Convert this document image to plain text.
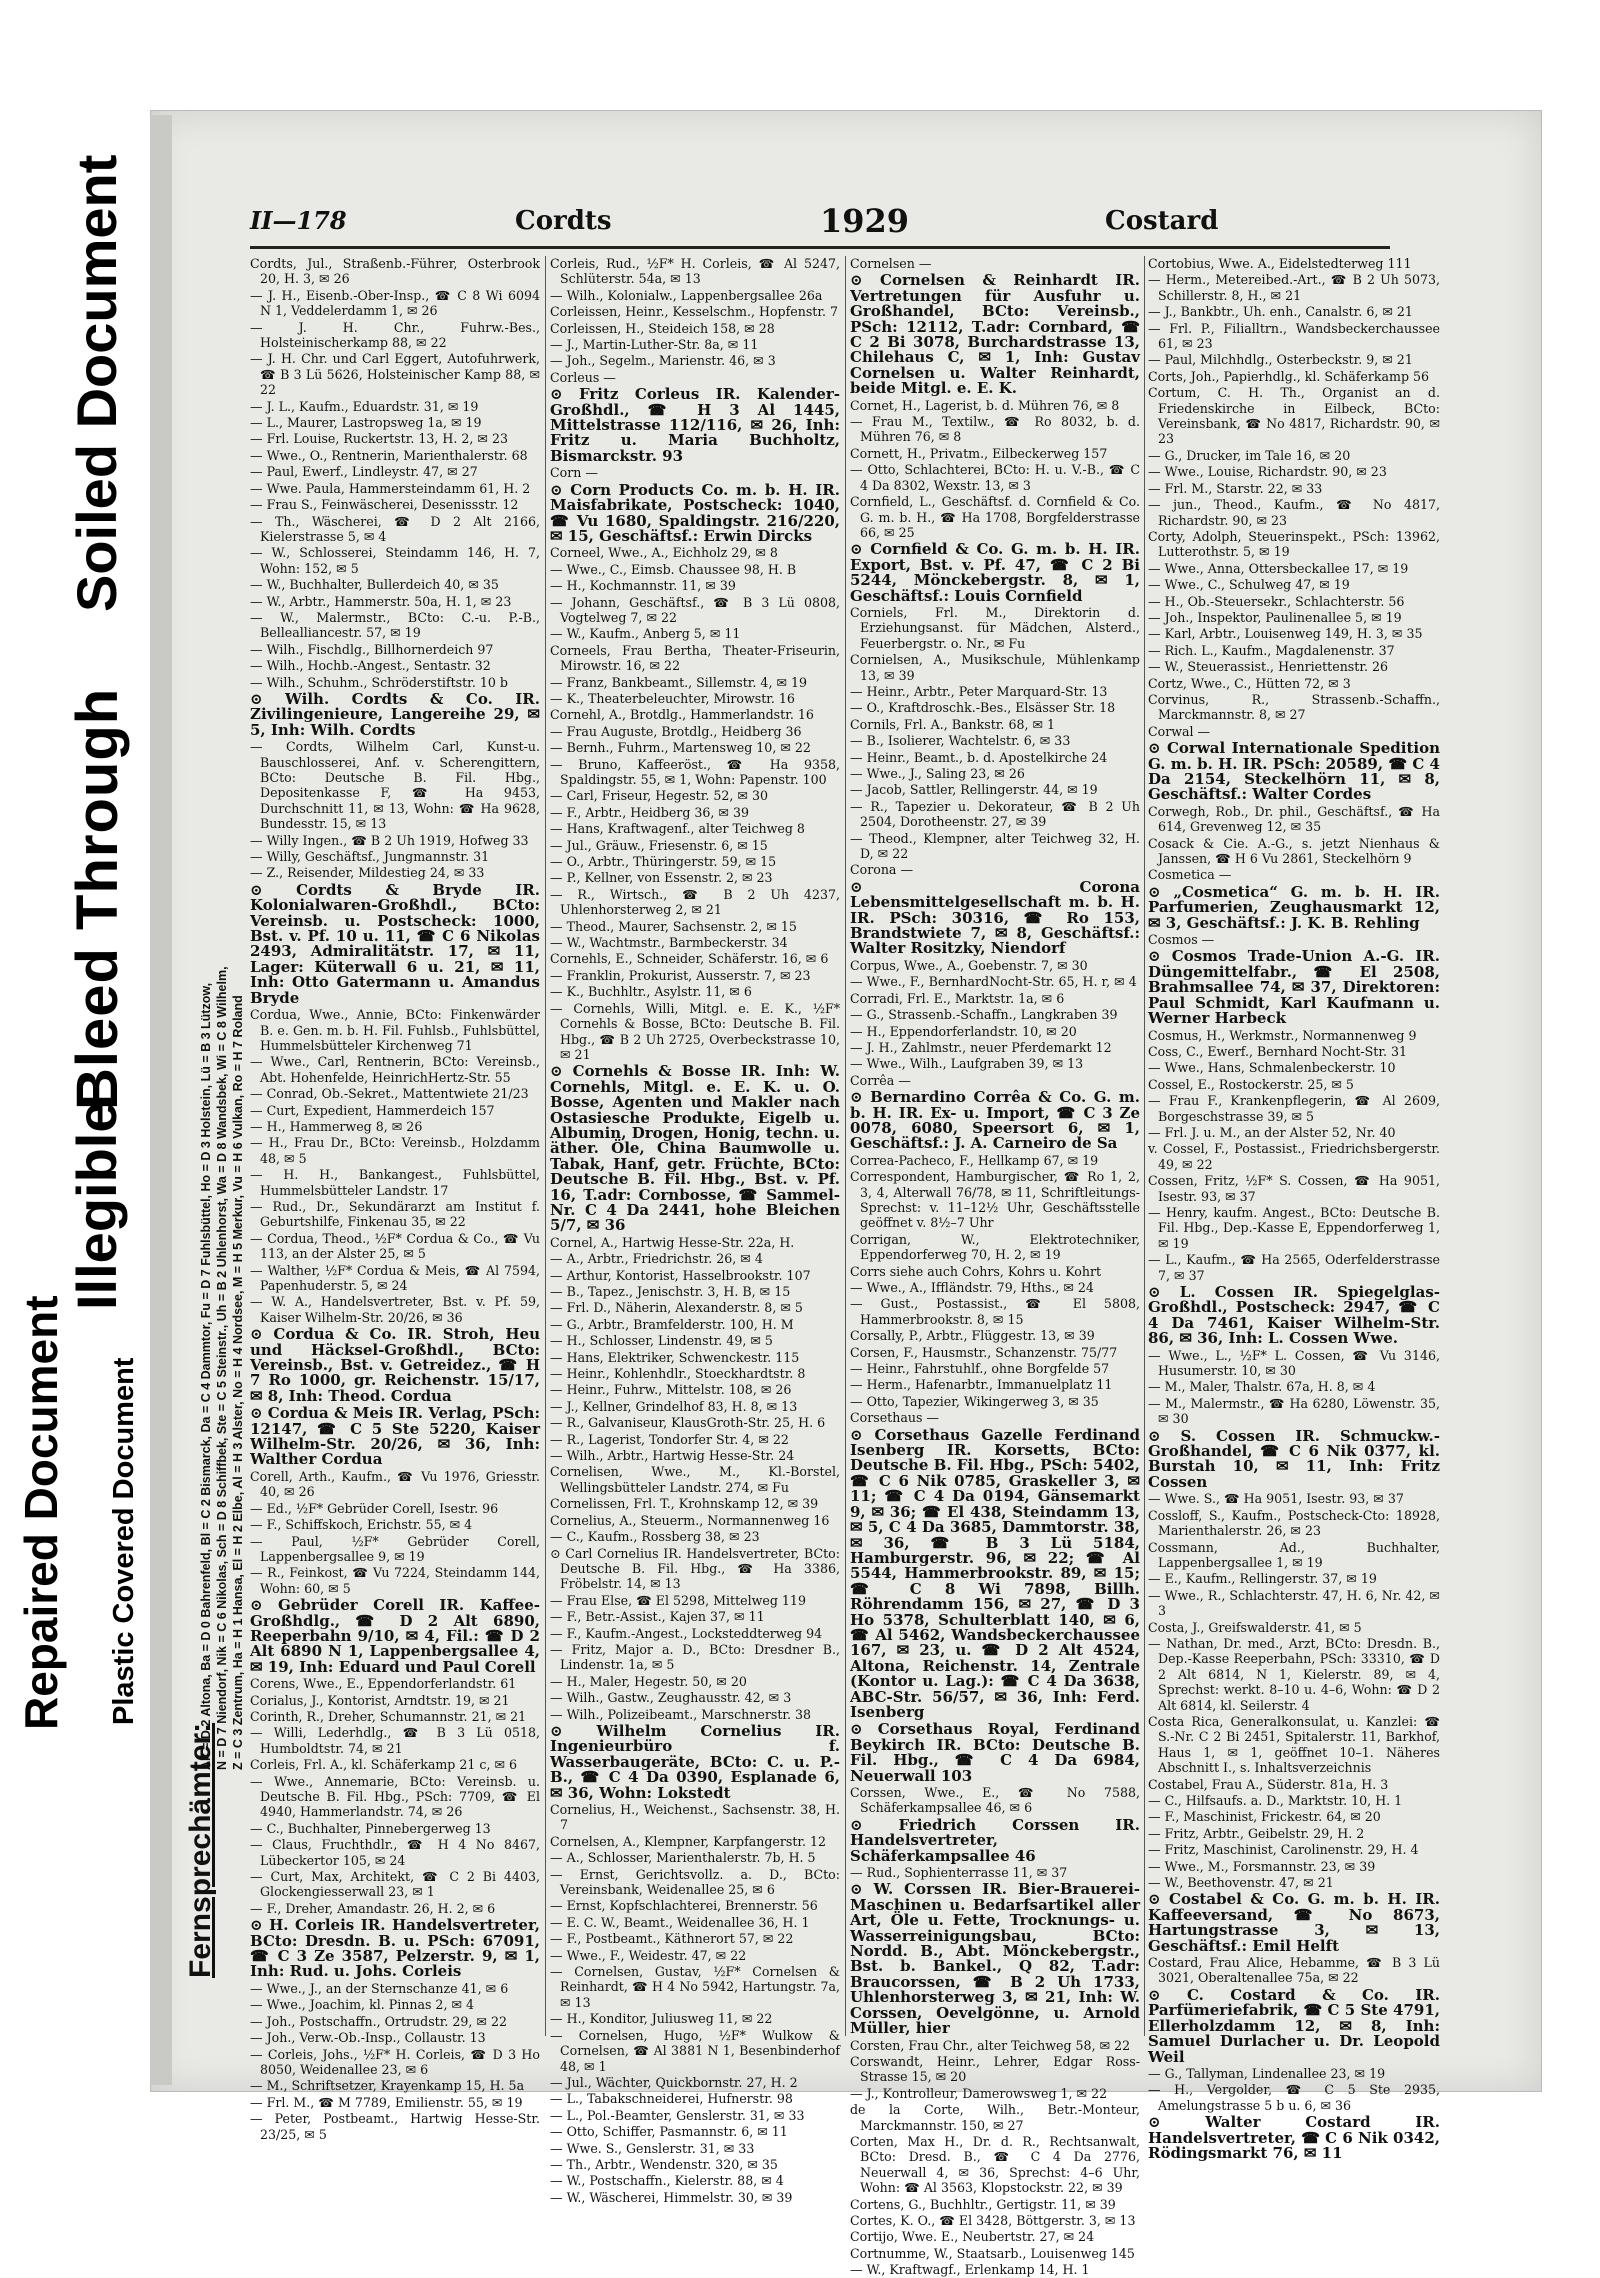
Repaired Document Plastic Covered Document
Illegible
Bleed Through
Soiled Document	II—178	Cordts	1929	Costard
Fernsprechämter:
Alt = D 2 Altona, Ba = D 0 Bahrenfeld, Bl = C 2 Bismarck, Da = C 4 Dammtor, Fu = D 7 Fuhlsbüttel, Ho = D 3 Holstein, Lü = B 3 Lützow, N = D 7 Niendorf, Nik = C 6 Nikolas, Sch = D 8 Schiffbek, Ste = C 5 Steinstr., Uh = B 2 Uhlenhorst, Wa = D 8 Wandsbek, Wi = C 8 Wilhelm, Z = C 3 Zentrum, Ha = H 1 Hansa, El = H 2 Elbe, Al = H 3 Alster, No = H 4 Nordsee, M = H 5 Merkur, Vu = H 6 Vulkan, Ro = H 7 Roland
Cordts, Jul., Straßenb.-Führer, Osterbrook 20, H. 3, ✉ 26
— J. H., Eisenb.-Ober-Insp., ☎ C 8 Wi 6094 N 1, Veddelerdamm 1, ✉ 26
— J. H. Chr., Fuhrw.-Bes., Holsteinischerkamp 88, ✉ 22
— J. H. Chr. und Carl Eggert, Autofuhrwerk, ☎ B 3 Lü 5626, Holsteinischer Kamp 88, ✉ 22
— J. L., Kaufm., Eduardstr. 31, ✉ 19
— L., Maurer, Lastropsweg 1a, ✉ 19
— Frl. Louise, Ruckertstr. 13, H. 2, ✉ 23
— Wwe., O., Rentnerin, Marienthalerstr. 68
— Paul, Ewerf., Lindleystr. 47, ✉ 27
— Wwe. Paula, Hammersteindamm 61, H. 2
— Frau S., Feinwäscherei, Desenissstr. 12
— Th., Wäscherei, ☎ D 2 Alt 2166, Kielerstrasse 5, ✉ 4
— W., Schlosserei, Steindamm 146, H. 7, Wohn: 152, ✉ 5
— W., Buchhalter, Bullerdeich 40, ✉ 35
— W., Arbtr., Hammerstr. 50a, H. 1, ✉ 23
— W., Malermstr., BCto: C.-u. P.-B., Bellealliancestr. 57, ✉ 19
— Wilh., Fischdlg., Billhornerdeich 97
— Wilh., Hochb.-Angest., Sentastr. 32
— Wilh., Schuhm., Schröderstiftstr. 10 b
⊙ Wilh. Cordts & Co. IR. Zivilingenieure, Langereihe 29, ✉ 5, Inh: Wilh. Cordts
— Cordts, Wilhelm Carl, Kunst-u. Bauschlosserei, Anf. v. Scherengittern, BCto: Deutsche B. Fil. Hbg., Depositenkasse F, ☎ Ha 9453, Durchschnitt 11, ✉ 13, Wohn: ☎ Ha 9628, Bundesstr. 15, ✉ 13
— Willy Ingen., ☎ B 2 Uh 1919, Hofweg 33
— Willy, Geschäftsf., Jungmannstr. 31
— Z., Reisender, Mildestieg 24, ✉ 33
⊙ Cordts & Bryde IR. Kolonialwaren-Großhdl., BCto: Vereinsb. u. Postscheck: 1000, Bst. v. Pf. 10 u. 11, ☎ C 6 Nikolas 2493, Admiralitätstr. 17, ✉ 11, Lager: Küterwall 6 u. 21, ✉ 11, Inh: Otto Gatermann u. Amandus Bryde
Cordua, Wwe., Annie, BCto: Finkenwärder B. e. Gen. m. b. H. Fil. Fuhlsb., Fuhlsbüttel, Hummelsbütteler Kirchenweg 71
— Wwe., Carl, Rentnerin, BCto: Vereinsb., Abt. Hohenfelde, HeinrichHertz-Str. 55
— Conrad, Ob.-Sekret., Mattentwiete 21/23
— Curt, Expedient, Hammerdeich 157
— H., Hammerweg 8, ✉ 26
— H., Frau Dr., BCto: Vereinsb., Holzdamm 48, ✉ 5
— H. H., Bankangest., Fuhlsbüttel, Hummelsbütteler Landstr. 17
— Rud., Dr., Sekundärarzt am Institut f. Geburtshilfe, Finkenau 35, ✉ 22
— Cordua, Theod., ½F* Cordua & Co., ☎ Vu 113, an der Alster 25, ✉ 5
— Walther, ½F* Cordua & Meis, ☎ Al 7594, Papenhuderstr. 5, ✉ 24
— W. A., Handelsvertreter, Bst. v. Pf. 59, Kaiser Wilhelm-Str. 20/26, ✉ 36
⊙ Cordua & Co. IR. Stroh, Heu und Häcksel-Großhdl., BCto: Vereinsb., Bst. v. Getreidez., ☎ H 7 Ro 1000, gr. Reichenstr. 15/17, ✉ 8, Inh: Theod. Cordua
⊙ Cordua & Meis IR. Verlag, PSch: 12147, ☎ C 5 Ste 5220, Kaiser Wilhelm-Str. 20/26, ✉ 36, Inh: Walther Cordua
Corell, Arth., Kaufm., ☎ Vu 1976, Griesstr. 40, ✉ 26
— Ed., ½F* Gebrüder Corell, Isestr. 96
— F., Schiffskoch, Erichstr. 55, ✉ 4
— Paul, ½F* Gebrüder Corell, Lappenbergsallee 9, ✉ 19
— R., Feinkost, ☎ Vu 7224, Steindamm 144, Wohn: 60, ✉ 5
⊙ Gebrüder Corell IR. Kaffee-Großhdlg., ☎ D 2 Alt 6890, Reeperbahn 9/10, ✉ 4, Fil.: ☎ D 2 Alt 6890 N 1, Lappenbergsallee 4, ✉ 19, Inh: Eduard und Paul Corell
Corens, Wwe., E., Eppendorferlandstr. 61
Corialus, J., Kontorist, Arndtstr. 19, ✉ 21
Corinth, R., Dreher, Schumannstr. 21, ✉ 21
— Willi, Lederhdlg., ☎ B 3 Lü 0518, Humboldtstr. 74, ✉ 21
Corleis, Frl. A., kl. Schäferkamp 21 c, ✉ 6
— Wwe., Annemarie, BCto: Vereinsb. u. Deutsche B. Fil. Hbg., PSch: 7709, ☎ El 4940, Hammerlandstr. 74, ✉ 26
— C., Buchhalter, Pinnebergerweg 13
— Claus, Fruchthdlr., ☎ H 4 No 8467, Lübeckertor 105, ✉ 24
— Curt, Max, Architekt, ☎ C 2 Bi 4403, Glockengiesserwall 23, ✉ 1
— F., Dreher, Amandastr. 26, H. 2, ✉ 6
⊙ H. Corleis IR. Handelsvertreter, BCto: Dresdn. B. u. PSch: 67091, ☎ C 3 Ze 3587, Pelzerstr. 9, ✉ 1, Inh: Rud. u. Johs. Corleis
— Wwe., J., an der Sternschanze 41, ✉ 6
— Wwe., Joachim, kl. Pinnas 2, ✉ 4
— Joh., Postschaffn., Ortrudstr. 29, ✉ 22
— Joh., Verw.-Ob.-Insp., Collaustr. 13
— Corleis, Johs., ½F* H. Corleis, ☎ D 3 Ho 8050, Weidenallee 23, ✉ 6
— M., Schriftsetzer, Krayenkamp 15, H. 5a
— Frl. M., ☎ M 7789, Emilienstr. 55, ✉ 19
— Peter, Postbeamt., Hartwig Hesse-Str. 23/25, ✉ 5
Corleis, Rud., ½F* H. Corleis, ☎ Al 5247, Schlüterstr. 54a, ✉ 13
— Wilh., Kolonialw., Lappenbergsallee 26a
Corleissen, Heinr., Kesselschm., Hopfenstr. 7
Corleissen, H., Steideich 158, ✉ 28
— J., Martin-Luther-Str. 8a, ✉ 11
— Joh., Segelm., Marienstr. 46, ✉ 3
Corleus —
⊙ Fritz Corleus IR. Kalender-Großhdl., ☎ H 3 Al 1445, Mittelstrasse 112/116, ✉ 26, Inh: Fritz u. Maria Buchholtz, Bismarckstr. 93
Corn —
⊙ Corn Products Co. m. b. H. IR. Maisfabrikate, Postscheck: 1040, ☎ Vu 1680, Spaldingstr. 216/220, ✉ 15, Geschäftsf.: Erwin Dircks
Corneel, Wwe., A., Eichholz 29, ✉ 8
— Wwe., C., Eimsb. Chaussee 98, H. B
— H., Kochmannstr. 11, ✉ 39
— Johann, Geschäftsf., ☎ B 3 Lü 0808, Vogtelweg 7, ✉ 22
— W., Kaufm., Anberg 5, ✉ 11
Corneels, Frau Bertha, Theater-Friseurin, Mirowstr. 16, ✉ 22
— Franz, Bankbeamt., Sillemstr. 4, ✉ 19
— K., Theaterbeleuchter, Mirowstr. 16
Cornehl, A., Brotdlg., Hammerlandstr. 16
— Frau Auguste, Brotdlg., Heidberg 36
— Bernh., Fuhrm., Martensweg 10, ✉ 22
— Bruno, Kaffeeröst., ☎ Ha 9358, Spaldingstr. 55, ✉ 1, Wohn: Papenstr. 100
— Carl, Friseur, Hegestr. 52, ✉ 30
— F., Arbtr., Heidberg 36, ✉ 39
— Hans, Kraftwagenf., alter Teichweg 8
— Jul., Gräuw., Friesenstr. 6, ✉ 15
— O., Arbtr., Thüringerstr. 59, ✉ 15
— P., Kellner, von Essenstr. 2, ✉ 23
— R., Wirtsch., ☎ B 2 Uh 4237, Uhlenhorsterweg 2, ✉ 21
— Theod., Maurer, Sachsenstr. 2, ✉ 15
— W., Wachtmstr., Barmbeckerstr. 34
Cornehls, E., Schneider, Schäferstr. 16, ✉ 6
— Franklin, Prokurist, Ausserstr. 7, ✉ 23
— K., Buchhltr., Asylstr. 11, ✉ 6
— Cornehls, Willi, Mitgl. e. E. K., ½F* Cornehls & Bosse, BCto: Deutsche B. Fil. Hbg., ☎ B 2 Uh 2725, Overbeckstrasse 10, ✉ 21
⊙ Cornehls & Bosse IR. Inh: W. Cornehls, Mitgl. e. E. K. u. O. Bosse, Agenten und Makler nach Ostasiesche Produkte, Eigelb u. Albumin, Drogen, Honig, techn. u. äther. Öle, China Baumwolle u. Tabak, Hanf, getr. Früchte, BCto: Deutsche B. Fil. Hbg., Bst. v. Pf. 16, T.adr: Cornbosse, ☎ Sammel-Nr. C 4 Da 2441, hohe Bleichen 5/7, ✉ 36
Cornel, A., Hartwig Hesse-Str. 22a, H.
— A., Arbtr., Friedrichstr. 26, ✉ 4
— Arthur, Kontorist, Hasselbrookstr. 107
— B., Tapez., Jenischstr. 3, H. B, ✉ 15
— Frl. D., Näherin, Alexanderstr. 8, ✉ 5
— G., Arbtr., Bramfelderstr. 100, H. M
— H., Schlosser, Lindenstr. 49, ✉ 5
— Hans, Elektriker, Schwenckestr. 115
— Heinr., Kohlenhdlr., Stoeckhardtstr. 8
— Heinr., Fuhrw., Mittelstr. 108, ✉ 26
— J., Kellner, Grindelhof 83, H. 8, ✉ 13
— R., Galvaniseur, KlausGroth-Str. 25, H. 6
— R., Lagerist, Tondorfer Str. 4, ✉ 22
— Wilh., Arbtr., Hartwig Hesse-Str. 24
Cornelisen, Wwe., M., Kl.-Borstel, Wellingsbütteler Landstr. 274, ✉ Fu
Cornelissen, Frl. T., Krohnskamp 12, ✉ 39
Cornelius, A., Steuerm., Normannenweg 16
— C., Kaufm., Rossberg 38, ✉ 23
⊙ Carl Cornelius IR. Handelsvertreter, BCto: Deutsche B. Fil. Hbg., ☎ Ha 3386, Fröbelstr. 14, ✉ 13
— Frau Else, ☎ El 5298, Mittelweg 119
— F., Betr.-Assist., Kajen 37, ✉ 11
— F., Kaufm.-Angest., Locksteddterweg 94
— Fritz, Major a. D., BCto: Dresdner B., Lindenstr. 1a, ✉ 5
— H., Maler, Hegestr. 50, ✉ 20
— Wilh., Gastw., Zeughausstr. 42, ✉ 3
— Wilh., Polizeibeamt., Marschnerstr. 38
⊙ Wilhelm Cornelius IR. Ingenieurbüro f. Wasserbaugeräte, BCto: C. u. P.-B., ☎ C 4 Da 0390, Esplanade 6, ✉ 36, Wohn: Lokstedt
Cornelius, H., Weichenst., Sachsenstr. 38, H. 7
Cornelsen, A., Klempner, Karpfangerstr. 12
— A., Schlosser, Marienthalerstr. 7b, H. 5
— Ernst, Gerichtsvollz. a. D., BCto: Vereinsbank, Weidenallee 25, ✉ 6
— Ernst, Kopfschlachterei, Brennerstr. 56
— E. C. W., Beamt., Weidenallee 36, H. 1
— F., Postbeamt., Käthnerort 57, ✉ 22
— Wwe., F., Weidestr. 47, ✉ 22
— Cornelsen, Gustav, ½F* Cornelsen & Reinhardt, ☎ H 4 No 5942, Hartungstr. 7a, ✉ 13
— H., Konditor, Juliusweg 11, ✉ 22
— Cornelsen, Hugo, ½F* Wulkow & Cornelsen, ☎ Al 3881 N 1, Besenbinderhof 48, ✉ 1
— Jul., Wächter, Quickbornstr. 27, H. 2
— L., Tabakschneiderei, Hufnerstr. 98
— L., Pol.-Beamter, Genslerstr. 31, ✉ 33
— Otto, Schiffer, Pasmannstr. 6, ✉ 11
— Wwe. S., Genslerstr. 31, ✉ 33
— Th., Arbtr., Wendenstr. 320, ✉ 35
— W., Postschaffn., Kielerstr. 88, ✉ 4
— W., Wäscherei, Himmelstr. 30, ✉ 39
Cornelsen —
⊙ Cornelsen & Reinhardt IR. Vertretungen für Ausfuhr u. Großhandel, BCto: Vereinsb., PSch: 12112, T.adr: Cornbard, ☎ C 2 Bi 3078, Burchardstrasse 13, Chilehaus C, ✉ 1, Inh: Gustav Cornelsen u. Walter Reinhardt, beide Mitgl. e. E. K.
Cornet, H., Lagerist, b. d. Mühren 76, ✉ 8
— Frau M., Textilw., ☎ Ro 8032, b. d. Mühren 76, ✉ 8
Cornett, H., Privatm., Eilbeckerweg 157
— Otto, Schlachterei, BCto: H. u. V.-B., ☎ C 4 Da 8302, Wexstr. 13, ✉ 3
Cornfield, L., Geschäftsf. d. Cornfield & Co. G. m. b. H., ☎ Ha 1708, Borgfelderstrasse 66, ✉ 25
⊙ Cornfield & Co. G. m. b. H. IR. Export, Bst. v. Pf. 47, ☎ C 2 Bi 5244, Mönckebergstr. 8, ✉ 1, Geschäftsf.: Louis Cornfield
Corniels, Frl. M., Direktorin d. Erziehungsanst. für Mädchen, Alsterd., Feuerbergstr. o. Nr., ✉ Fu
Cornielsen, A., Musikschule, Mühlenkamp 13, ✉ 39
— Heinr., Arbtr., Peter Marquard-Str. 13
— O., Kraftdroschk.-Bes., Elsässer Str. 18
Cornils, Frl. A., Bankstr. 68, ✉ 1
— B., Isolierer, Wachtelstr. 6, ✉ 33
— Heinr., Beamt., b. d. Apostelkirche 24
— Wwe., J., Saling 23, ✉ 26
— Jacob, Sattler, Rellingerstr. 44, ✉ 19
— R., Tapezier u. Dekorateur, ☎ B 2 Uh 2504, Dorotheenstr. 27, ✉ 39
— Theod., Klempner, alter Teichweg 32, H. D, ✉ 22
Corona —
⊙ Corona Lebensmittelgesellschaft m. b. H. IR. PSch: 30316, ☎ Ro 153, Brandstwiete 7, ✉ 8, Geschäftsf.: Walter Rositzky, Niendorf
Corpus, Wwe., A., Goebenstr. 7, ✉ 30
— Wwe., F., BernhardNocht-Str. 65, H. r, ✉ 4
Corradi, Frl. E., Marktstr. 1a, ✉ 6
— G., Strassenb.-Schaffn., Langkraben 39
— H., Eppendorferlandstr. 10, ✉ 20
— J. H., Zahlmstr., neuer Pferdemarkt 12
— Wwe., Wilh., Laufgraben 39, ✉ 13
Corrêa —
⊙ Bernardino Corrêa & Co. G. m. b. H. IR. Ex- u. Import, ☎ C 3 Ze 0078, 6080, Speersort 6, ✉ 1, Geschäftsf.: J. A. Carneiro de Sa
Correa-Pacheco, F., Hellkamp 67, ✉ 19
Correspondent, Hamburgischer, ☎ Ro 1, 2, 3, 4, Alterwall 76/78, ✉ 11, Schriftleitungs-Sprechst: v. 11–12½ Uhr, Geschäftsstelle geöffnet v. 8½–7 Uhr
Corrigan, W., Elektrotechniker, Eppendorferweg 70, H. 2, ✉ 19
Corrs siehe auch Cohrs, Kohrs u. Kohrt
— Wwe., A., Iffländstr. 79, Hths., ✉ 24
— Gust., Postassist., ☎ El 5808, Hammerbrookstr. 8, ✉ 15
Corsally, P., Arbtr., Flüggestr. 13, ✉ 39
Corsen, F., Hausmstr., Schanzenstr. 75/77
— Heinr., Fahrstuhlf., ohne Borgfelde 57
— Herm., Hafenarbtr., Immanuelplatz 11
— Otto, Tapezier, Wikingerweg 3, ✉ 35
Corsethaus —
⊙ Corsethaus Gazelle Ferdinand Isenberg IR. Korsetts, BCto: Deutsche B. Fil. Hbg., PSch: 5402, ☎ C 6 Nik 0785, Graskeller 3, ✉ 11; ☎ C 4 Da 0194, Gänsemarkt 9, ✉ 36; ☎ El 438, Steindamm 13, ✉ 5, C 4 Da 3685, Dammtorstr. 38, ✉ 36, ☎ B 3 Lü 5184, Hamburgerstr. 96, ✉ 22; ☎ Al 5544, Hammerbrookstr. 89, ✉ 15; ☎ C 8 Wi 7898, Billh. Röhrendamm 156, ✉ 27, ☎ D 3 Ho 5378, Schulterblatt 140, ✉ 6, ☎ Al 5462, Wandsbeckerchaussee 167, ✉ 23, u. ☎ D 2 Alt 4524, Altona, Reichenstr. 14, Zentrale (Kontor u. Lag.): ☎ C 4 Da 3638, ABC-Str. 56/57, ✉ 36, Inh: Ferd. Isenberg
⊙ Corsethaus Royal, Ferdinand Beykirch IR. BCto: Deutsche B. Fil. Hbg., ☎ C 4 Da 6984, Neuerwall 103
Corssen, Wwe., E., ☎ No 7588, Schäferkampsallee 46, ✉ 6
⊙ Friedrich Corssen IR. Handelsvertreter, Schäferkampsallee 46
— Rud., Sophienterrasse 11, ✉ 37
⊙ W. Corssen IR. Bier-Brauerei-Maschinen u. Bedarfsartikel aller Art, Öle u. Fette, Trocknungs- u. Wasserreinigungsbau, BCto: Nordd. B., Abt. Mönckebergstr., Bst. b. Bankel., Q 82, T.adr: Braucorssen, ☎ B 2 Uh 1733, Uhlenhorsterweg 3, ✉ 21, Inh: W. Corssen, Oevelgönne, u. Arnold Müller, hier
Corsten, Frau Chr., alter Teichweg 58, ✉ 22
Corswandt, Heinr., Lehrer, Edgar Ross-Strasse 15, ✉ 20
— J., Kontrolleur, Damerowsweg 1, ✉ 22
de la Corte, Wilh., Betr.-Monteur, Marckmannstr. 150, ✉ 27
Corten, Max H., Dr. d. R., Rechtsanwalt, BCto: Dresd. B., ☎ C 4 Da 2776, Neuerwall 4, ✉ 36, Sprechst: 4–6 Uhr, Wohn: ☎ Al 3563, Klopstockstr. 22, ✉ 39
Cortens, G., Buchhltr., Gertigstr. 11, ✉ 39
Cortes, K. O., ☎ El 3428, Böttgerstr. 3, ✉ 13
Cortijo, Wwe. E., Neubertstr. 27, ✉ 24
Cortnumme, W., Staatsarb., Louisenweg 145
— W., Kraftwagf., Erlenkamp 14, H. 1
Cortobius, Wwe. A., Eidelstedterweg 111
— Herm., Metereibed.-Art., ☎ B 2 Uh 5073, Schillerstr. 8, H., ✉ 21
— J., Bankbtr., Uh. enh., Canalstr. 6, ✉ 21
— Frl. P., Filialltrn., Wandsbeckerchaussee 61, ✉ 23
— Paul, Milchhdlg., Osterbeckstr. 9, ✉ 21
Corts, Joh., Papierhdlg., kl. Schäferkamp 56
Cortum, C. H. Th., Organist an d. Friedenskirche in Eilbeck, BCto: Vereinsbank, ☎ No 4817, Richardstr. 90, ✉ 23
— G., Drucker, im Tale 16, ✉ 20
— Wwe., Louise, Richardstr. 90, ✉ 23
— Frl. M., Starstr. 22, ✉ 33
— jun., Theod., Kaufm., ☎ No 4817, Richardstr. 90, ✉ 23
Corty, Adolph, Steuerinspekt., PSch: 13962, Lutterothstr. 5, ✉ 19
— Wwe., Anna, Ottersbeckallee 17, ✉ 19
— Wwe., C., Schulweg 47, ✉ 19
— H., Ob.-Steuersekr., Schlachterstr. 56
— Joh., Inspektor, Paulinenallee 5, ✉ 19
— Karl, Arbtr., Louisenweg 149, H. 3, ✉ 35
— Rich. L., Kaufm., Magdalenenstr. 37
— W., Steuerassist., Henriettenstr. 26
Cortz, Wwe., C., Hütten 72, ✉ 3
Corvinus, R., Strassenb.-Schaffn., Marckmannstr. 8, ✉ 27
Corwal —
⊙ Corwal Internationale Spedition G. m. b. H. IR. PSch: 20589, ☎ C 4 Da 2154, Steckelhörn 11, ✉ 8, Geschäftsf.: Walter Cordes
Corwegh, Rob., Dr. phil., Geschäftsf., ☎ Ha 614, Grevenweg 12, ✉ 35
Cosack & Cie. A.-G., s. jetzt Nienhaus & Janssen, ☎ H 6 Vu 2861, Steckelhörn 9
Cosmetica —
⊙ „Cosmetica“ G. m. b. H. IR. Parfumerien, Zeughausmarkt 12, ✉ 3, Geschäftsf.: J. K. B. Rehling
Cosmos —
⊙ Cosmos Trade-Union A.-G. IR. Düngemittelfabr., ☎ El 2508, Brahmsallee 74, ✉ 37, Direktoren: Paul Schmidt, Karl Kaufmann u. Werner Harbeck
Cosmus, H., Werkmstr., Normannenweg 9
Coss, C., Ewerf., Bernhard Nocht-Str. 31
— Wwe., Hans, Schmalenbeckerstr. 10
Cossel, E., Rostockerstr. 25, ✉ 5
— Frau F., Krankenpflegerin, ☎ Al 2609, Borgeschstrasse 39, ✉ 5
— Frl. J. u. M., an der Alster 52, Nr. 40
v. Cossel, F., Postassist., Friedrichsbergerstr. 49, ✉ 22
Cossen, Fritz, ½F* S. Cossen, ☎ Ha 9051, Isestr. 93, ✉ 37
— Henry, kaufm. Angest., BCto: Deutsche B. Fil. Hbg., Dep.-Kasse E, Eppendorferweg 1, ✉ 19
— L., Kaufm., ☎ Ha 2565, Oderfelderstrasse 7, ✉ 37
⊙ L. Cossen IR. Spiegelglas-Großhdl., Postscheck: 2947, ☎ C 4 Da 7461, Kaiser Wilhelm-Str. 86, ✉ 36, Inh: L. Cossen Wwe.
— Wwe., L., ½F* L. Cossen, ☎ Vu 3146, Husumerstr. 10, ✉ 30
— M., Maler, Thalstr. 67a, H. 8, ✉ 4
— M., Malermstr., ☎ Ha 6280, Löwenstr. 35, ✉ 30
⊙ S. Cossen IR. Schmuckw.-Großhandel, ☎ C 6 Nik 0377, kl. Burstah 10, ✉ 11, Inh: Fritz Cossen
— Wwe. S., ☎ Ha 9051, Isestr. 93, ✉ 37
Cossloff, S., Kaufm., Postscheck-Cto: 18928, Marienthalerstr. 26, ✉ 23
Cossmann, Ad., Buchhalter, Lappenbergsallee 1, ✉ 19
— E., Kaufm., Rellingerstr. 37, ✉ 19
— Wwe., R., Schlachterstr. 47, H. 6, Nr. 42, ✉ 3
Costa, J., Greifswalderstr. 41, ✉ 5
— Nathan, Dr. med., Arzt, BCto: Dresdn. B., Dep.-Kasse Reeperbahn, PSch: 33310, ☎ D 2 Alt 6814, N 1, Kielerstr. 89, ✉ 4, Sprechst: werkt. 8–10 u. 4–6, Wohn: ☎ D 2 Alt 6814, kl. Seilerstr. 4
Costa Rica, Generalkonsulat, u. Kanzlei: ☎ S.-Nr. C 2 Bi 2451, Spitalerstr. 11, Barkhof, Haus 1, ✉ 1, geöffnet 10–1. Näheres Abschnitt I., s. Inhaltsverzeichnis
Costabel, Frau A., Süderstr. 81a, H. 3
— C., Hilfsaufs. a. D., Marktstr. 10, H. 1
— F., Maschinist, Frickestr. 64, ✉ 20
— Fritz, Arbtr., Geibelstr. 29, H. 2
— Fritz, Maschinist, Carolinenstr. 29, H. 4
— Wwe., M., Forsmannstr. 23, ✉ 39
— W., Beethovenstr. 47, ✉ 21
⊙ Costabel & Co. G. m. b. H. IR. Kaffeeversand, ☎ No 8673, Hartungstrasse 3, ✉ 13, Geschäftsf.: Emil Helft
Costard, Frau Alice, Hebamme, ☎ B 3 Lü 3021, Oberaltenallee 75a, ✉ 22
⊙ C. Costard & Co. IR. Parfümeriefabrik, ☎ C 5 Ste 4791, Ellerholzdamm 12, ✉ 8, Inh: Samuel Durlacher u. Dr. Leopold Weil
— G., Tallyman, Lindenallee 23, ✉ 19
— H., Vergolder, ☎ C 5 Ste 2935, Amelungstrasse 5 b u. 6, ✉ 36
⊙ Walter Costard IR. Handelsvertreter, ☎ C 6 Nik 0342, Rödingsmarkt 76, ✉ 11
